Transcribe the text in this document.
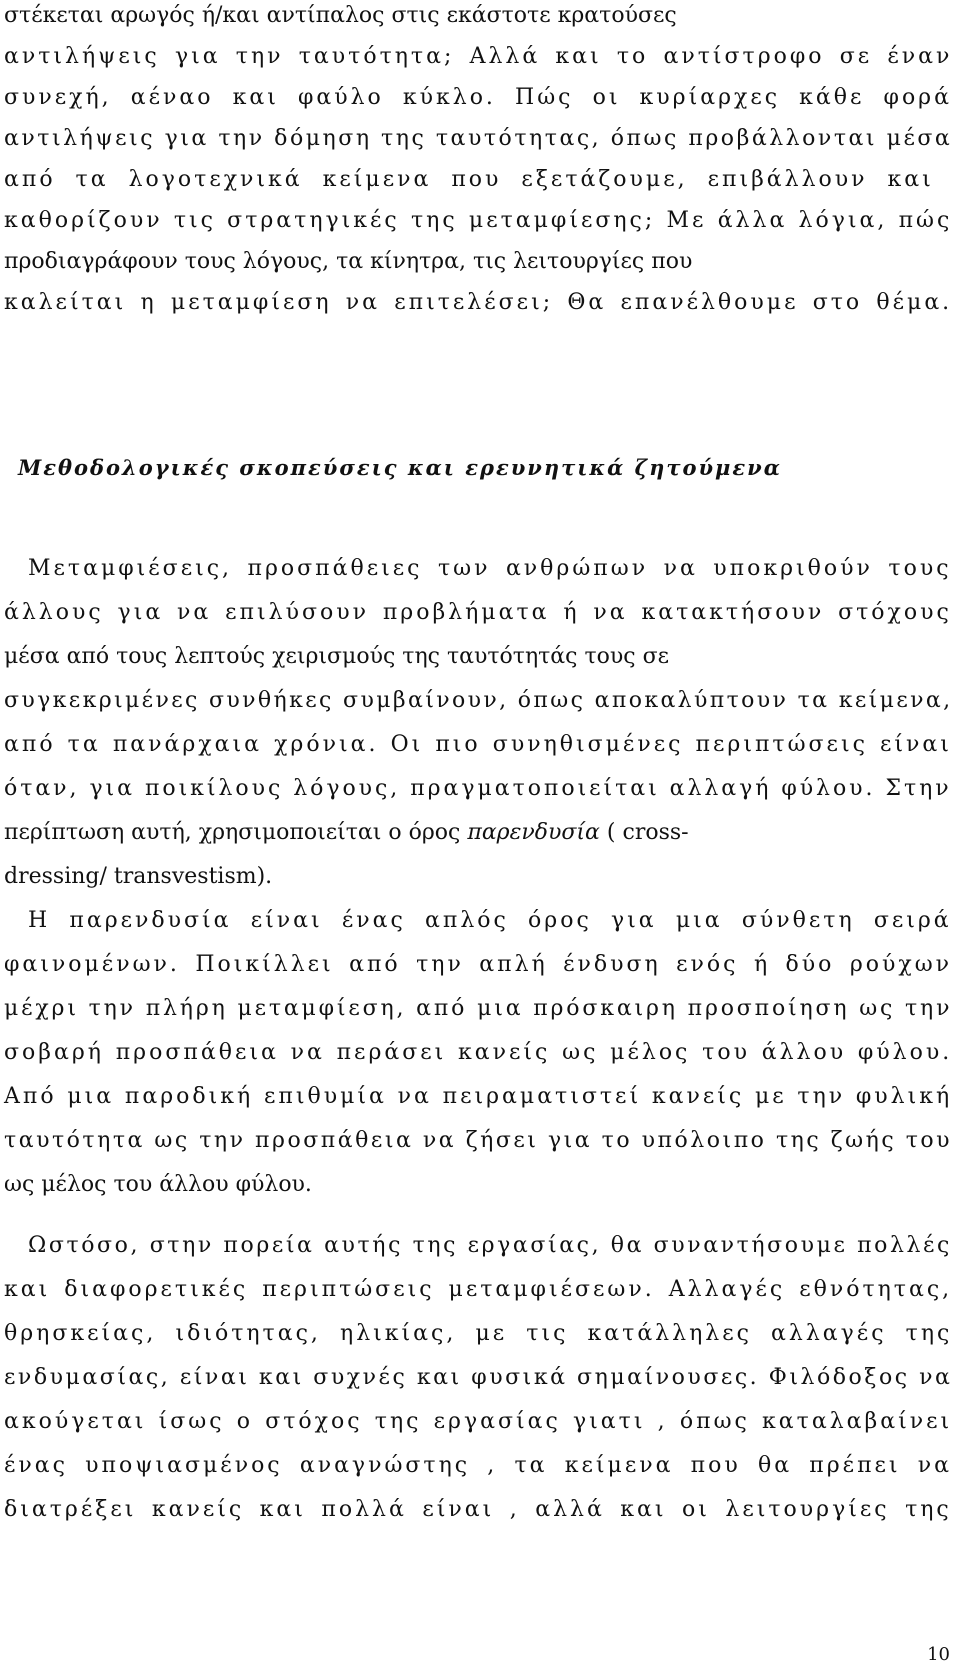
στέκεται αρωγός ή/και αντίπαλος στις εκάστοτε κρατούσες
αντιλήψεις για την ταυτότητα; Αλλά και το αντίστροφο σε έναν
συνεχή, αέναο και φαύλο κύκλο. Πώς οι κυρίαρχες κάθε φορά
αντιλήψεις για την δόμηση της ταυτότητας, όπως προβάλλονται μέσα
από τα λογοτεχνικά κείμενα που εξετάζουμε, επιβάλλουν και
καθορίζουν τις στρατηγικές της μεταμφίεσης; Με άλλα λόγια, πώς
προδιαγράφουν τους λόγους, τα κίνητρα, τις λειτουργίες που
καλείται η μεταμφίεση να επιτελέσει; Θα επανέλθουμε στο θέμα.
Μεθοδολογικές σκοπεύσεις και ερευνητικά ζητούμενα
Μεταμφιέσεις, προσπάθειες των ανθρώπων να υποκριθούν τους
άλλους για να επιλύσουν προβλήματα ή να κατακτήσουν στόχους
μέσα από τους λεπτούς χειρισμούς της ταυτότητάς τους σε
συγκεκριμένες συνθήκες συμβαίνουν, όπως αποκαλύπτουν τα κείμενα,
από τα πανάρχαια χρόνια. Οι πιο συνηθισμένες περιπτώσεις είναι
όταν, για ποικίλους λόγους, πραγματοποιείται αλλαγή φύλου. Στην
περίπτωση αυτή, χρησιμοποιείται ο όρος παρενδυσία ( cross-
dressing/ transvestism).
Η παρενδυσία είναι ένας απλός όρος για μια σύνθετη σειρά
φαινομένων. Ποικίλλει από την απλή ένδυση ενός ή δύο ρούχων
μέχρι την πλήρη μεταμφίεση, από μια πρόσκαιρη προσποίηση ως την
σοβαρή προσπάθεια να περάσει κανείς ως μέλος του άλλου φύλου.
Από μια παροδική επιθυμία να πειραματιστεί κανείς με την φυλική
ταυτότητα ως την προσπάθεια να ζήσει για το υπόλοιπο της ζωής του
ως μέλος του άλλου φύλου.
Ωστόσο, στην πορεία αυτής της εργασίας, θα συναντήσουμε πολλές
και διαφορετικές περιπτώσεις μεταμφιέσεων. Αλλαγές εθνότητας,
θρησκείας, ιδιότητας, ηλικίας, με τις κατάλληλες αλλαγές της
ενδυμασίας, είναι και συχνές και φυσικά σημαίνουσες. Φιλόδοξος να
ακούγεται ίσως ο στόχος της εργασίας γιατι , όπως καταλαβαίνει
ένας υποψιασμένος αναγνώστης , τα κείμενα που θα πρέπει να
διατρέξει κανείς και πολλά είναι , αλλά και οι λειτουργίες της
10
